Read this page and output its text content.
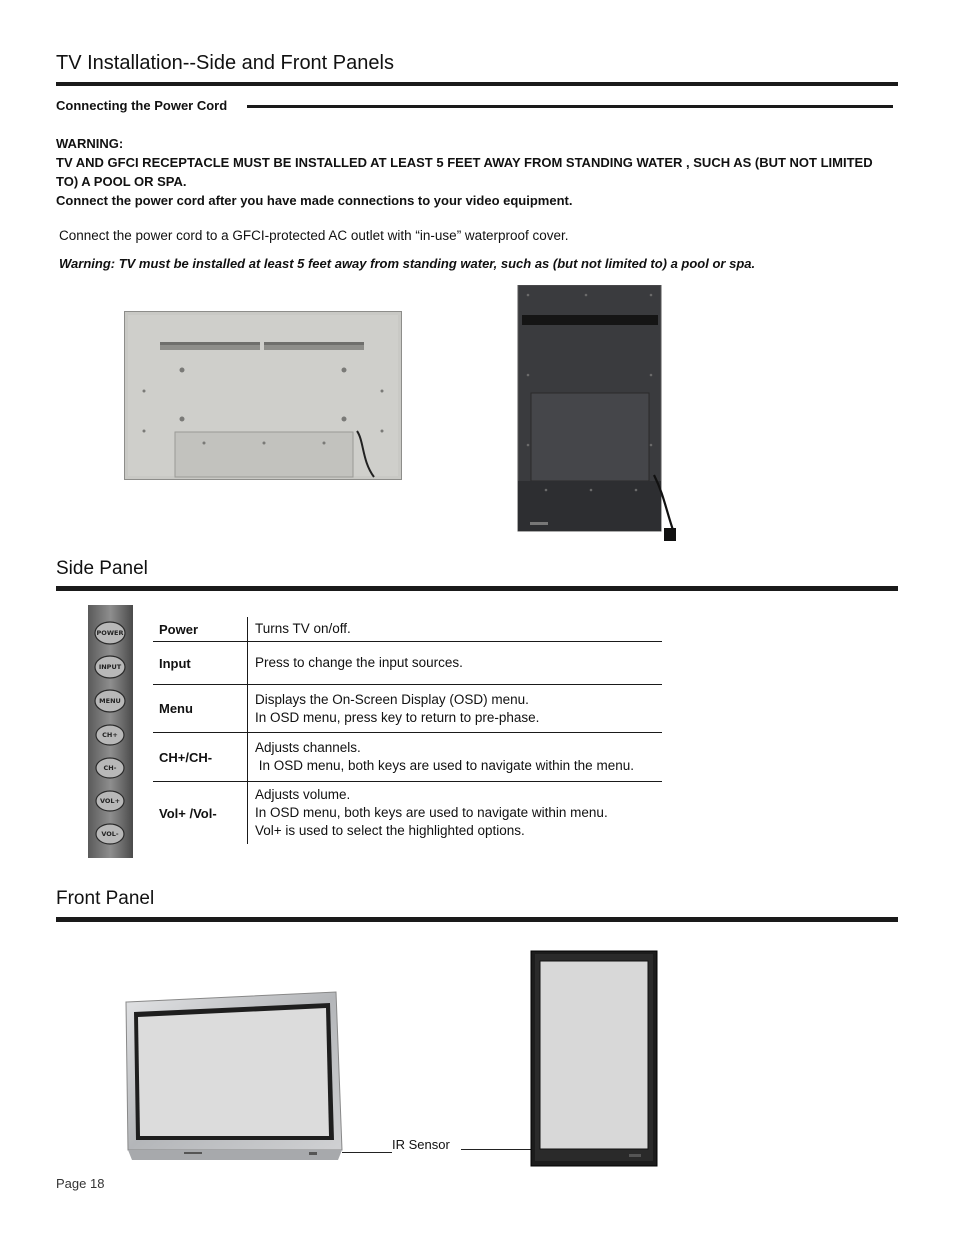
TV Installation--Side and Front Panels
Connecting the Power Cord
WARNING:
TV AND GFCI RECEPTACLE MUST BE INSTALLED AT LEAST 5 FEET AWAY FROM STANDING WATER , SUCH AS (BUT NOT LIMITED
TO) A POOL OR SPA.
Connect the power cord after you have made connections to your video equipment.
Connect the power cord to a GFCI-protected AC outlet with “in-use” waterproof cover.
Warning: TV must be installed at least 5 feet away from standing water, such as (but not limited to) a pool or spa.
Side Panel
POWER
INPUT
MENU
CH+
CH-
VOL+
VOL-
Power	Turns TV on/off.
Input	Press to change the input sources.
Menu
Displays the On-Screen Display (OSD) menu.
In OSD menu, press key to return to pre-phase.
CH+/CH-
Adjusts channels.
In OSD menu, both keys are used to navigate within the menu.
Vol+ /Vol-
Adjusts volume.
In OSD menu, both keys are used to navigate within menu.
Vol+ is used to select the highlighted options.
Front Panel
IR Sensor
Page 18
